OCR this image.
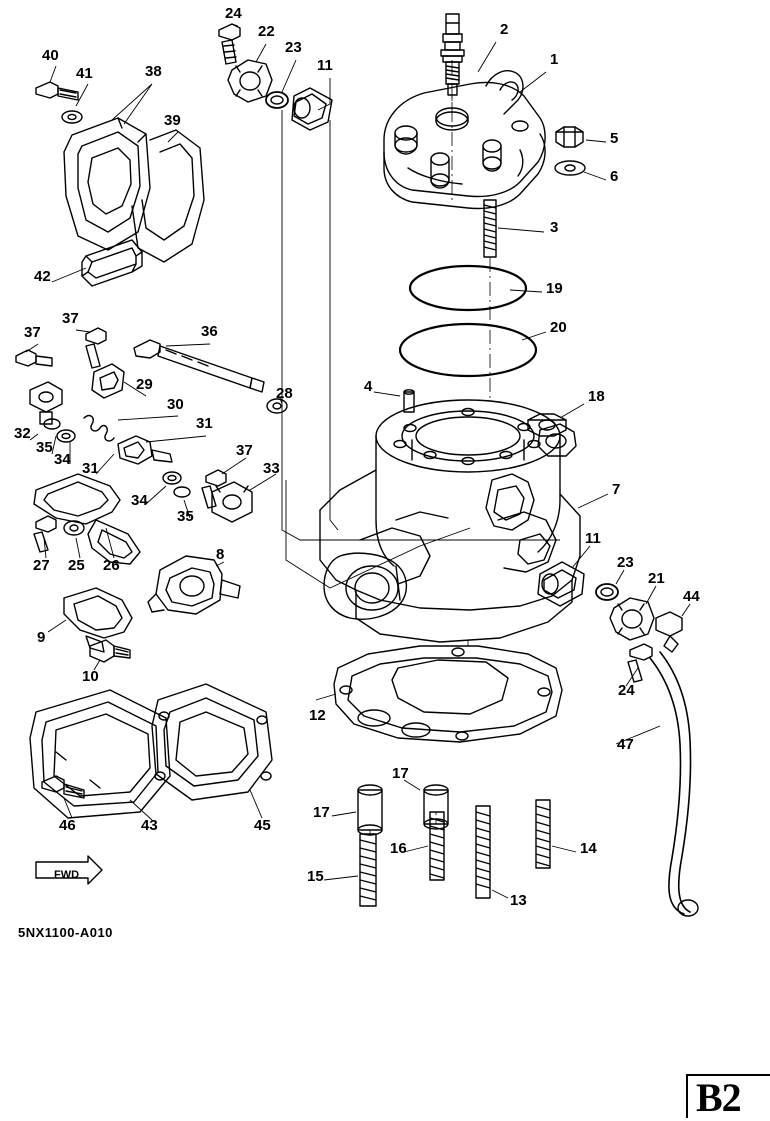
40
41	38
39
24
22
23
11
2
1
5
6
3
19
20
42
37
37
36
28	4
18
29
30
31
32
35
34
31
34
35
37
33
7
11
23
21
44
24
27 25 26
8
9
10
12
47
17
17
46	43	45
16	14
15
13
FWD
5NX1100-A010
B2
